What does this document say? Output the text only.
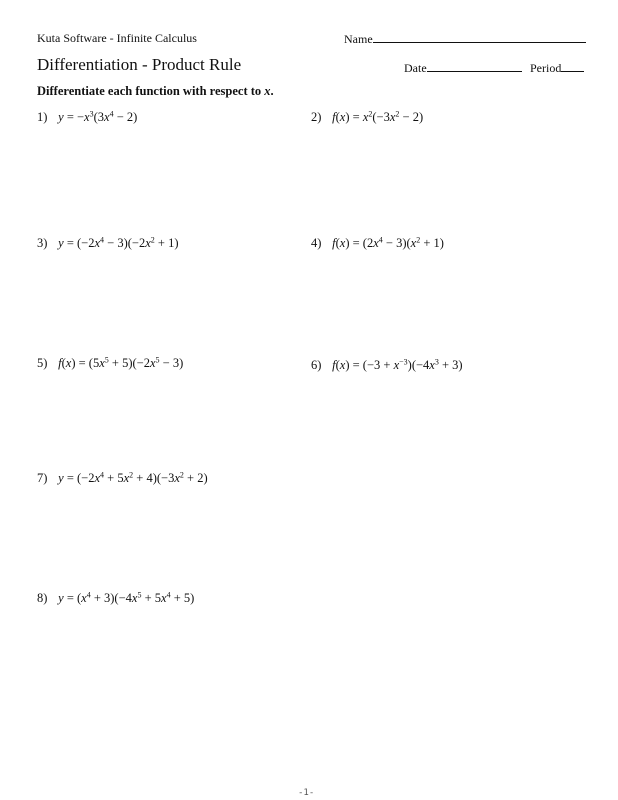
Kuta Software - Infinite Calculus	Name
Differentiation - Product Rule	Date	Period
Differentiate each function with respect to x.
1) $y = -x^3(3x^4 - 2)$	2) $f(x) = x^2(-3x^2 - 2)$
3) $y = (-2x^4 - 3)(-2x^2 + 1)$	4) $f(x) = (2x^4 - 3)(x^2 + 1)$
5) $f(x) = (5x^5 + 5)(-2x^5 - 3)$	6) $f(x) = (-3 + x^{-3})(-4x^3 + 3)$
7) $y = (-2x^4 + 5x^2 + 4)(-3x^2 + 2)$
8) $y = (x^4 + 3)(-4x^5 + 5x^4 + 5)$
-1-
